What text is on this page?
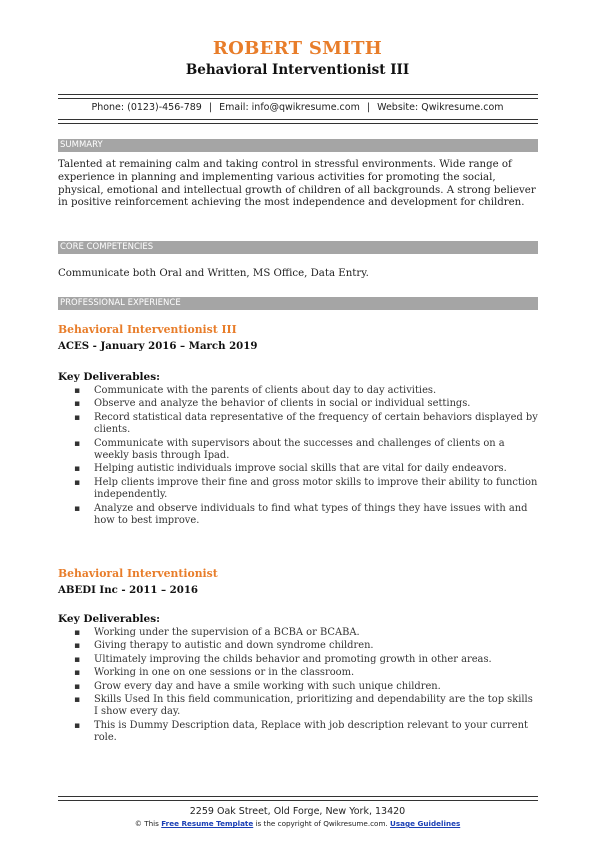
ROBERT SMITH
Behavioral Interventionist III
Phone: (0123)-456-789 | Email: info@qwikresume.com | Website: Qwikresume.com
SUMMARY
Talented at remaining calm and taking control in stressful environments. Wide range of experience in planning and implementing various activities for promoting the social, physical, emotional and intellectual growth of children of all backgrounds. A strong believer in positive reinforcement achieving the most independence and development for children.
CORE COMPETENCIES
Communicate both Oral and Written, MS Office, Data Entry.
PROFESSIONAL EXPERIENCE
Behavioral Interventionist III
ACES - January 2016 – March 2019
Key Deliverables:
▪ Communicate with the parents of clients about day to day activities.
▪ Observe and analyze the behavior of clients in social or individual settings.
▪ Record statistical data representative of the frequency of certain behaviors displayed by clients.
▪ Communicate with supervisors about the successes and challenges of clients on a weekly basis through Ipad.
▪ Helping autistic individuals improve social skills that are vital for daily endeavors.
▪ Help clients improve their fine and gross motor skills to improve their ability to function independently.
▪ Analyze and observe individuals to find what types of things they have issues with and how to best improve.
Behavioral Interventionist
ABEDI Inc - 2011 – 2016
Key Deliverables:
▪ Working under the supervision of a BCBA or BCABA.
▪ Giving therapy to autistic and down syndrome children.
▪ Ultimately improving the childs behavior and promoting growth in other areas.
▪ Working in one on one sessions or in the classroom.
▪ Grow every day and have a smile working with such unique children.
▪ Skills Used In this field communication, prioritizing and dependability are the top skills I show every day.
▪ This is Dummy Description data, Replace with job description relevant to your current role.
2259 Oak Street, Old Forge, New York, 13420
© This Free Resume Template is the copyright of Qwikresume.com. Usage Guidelines
